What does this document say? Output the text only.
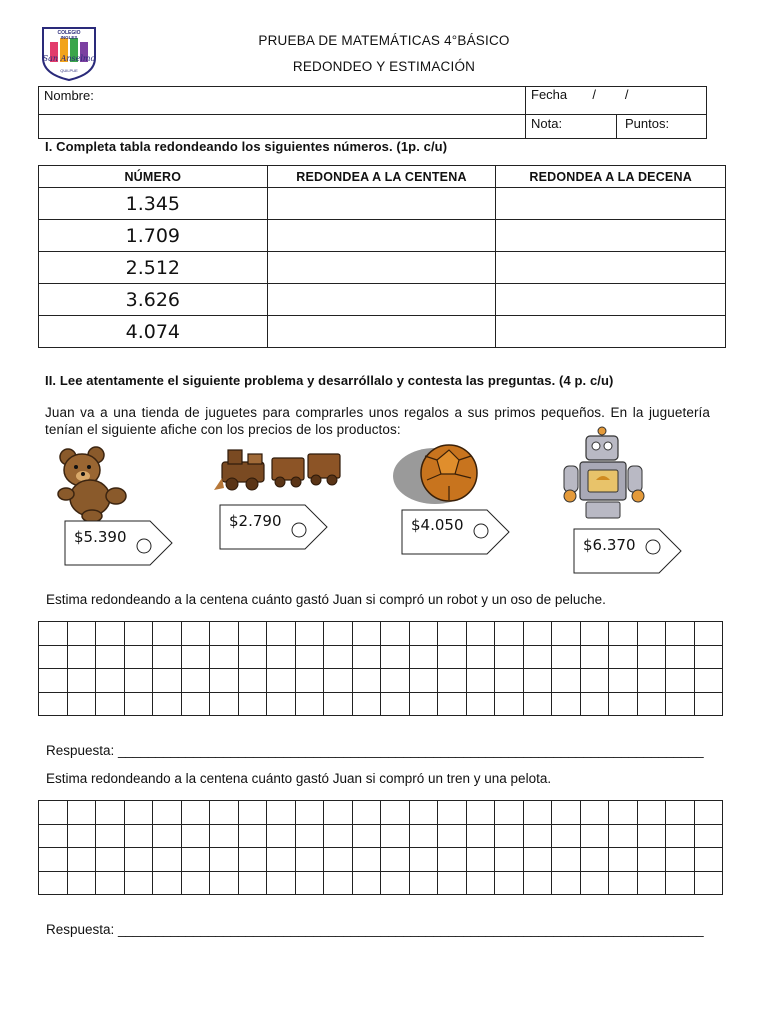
COLEGIO
INGLES
San Anselmo
QUILPUE
PRUEBA DE MATEMÁTICAS 4°BÁSICO
REDONDEO Y ESTIMACIÓN
Nombre:	Fecha       /        /
Nota:	Puntos:
I. Completa tabla redondeando los siguientes números. (1p. c/u)
NÚMERO	REDONDEA A LA CENTENA	REDONDEA A LA DECENA
1.345		
1.709		
2.512		
3.626		
4.074		
II. Lee atentamente el siguiente problema y desarróllalo y contesta las preguntas. (4 p. c/u)
Juan va a una tienda de juguetes para comprarles unos regalos a sus primos pequeños. En la juguetería tenían el siguiente afiche con los precios de los productos:
$5.390
$2.790	$4.050
$6.370
Estima redondeando a la centena cuánto gastó Juan si compró un robot y un oso de peluche.

Respuesta: ______________________________________________________________________________
Estima redondeando a la centena cuánto gastó Juan si compró un tren y una pelota.

Respuesta: ______________________________________________________________________________
